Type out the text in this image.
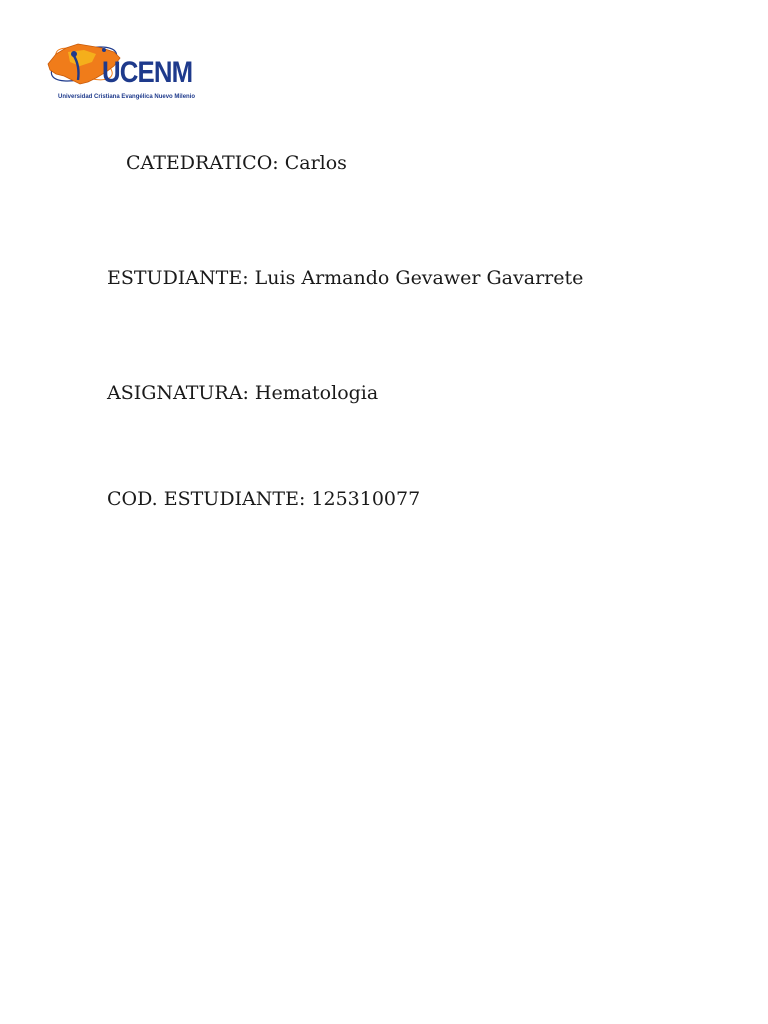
UCENM
Universidad Cristiana Evangélica Nuevo Milenio
CATEDRATICO: Carlos
ESTUDIANTE: Luis Armando Gevawer Gavarrete
ASIGNATURA: Hematologia
COD. ESTUDIANTE: 125310077
